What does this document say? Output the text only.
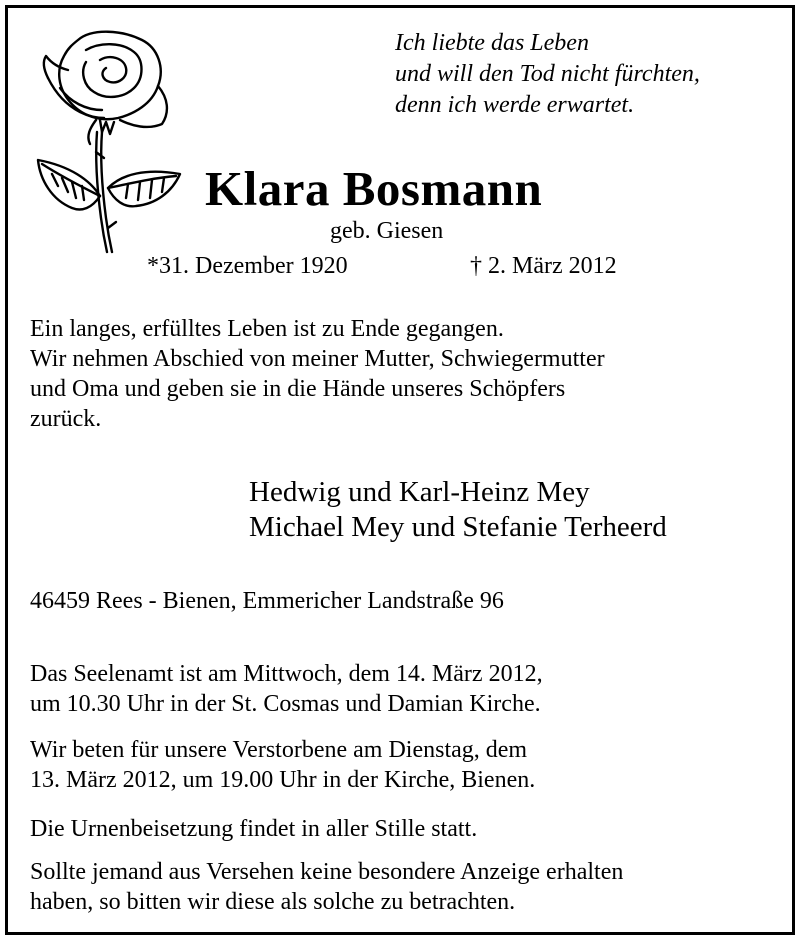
Ich liebte das Leben
und will den Tod nicht fürchten,
denn ich werde erwartet.
Klara Bosmann
geb. Giesen
*31. Dezember 1920	† 2. März 2012
Ein langes, erfülltes Leben ist zu Ende gegangen.
Wir nehmen Abschied von meiner Mutter, Schwiegermutter
und Oma und geben sie in die Hände unseres Schöpfers
zurück.
Hedwig und Karl-Heinz Mey
Michael Mey und Stefanie Terheerd
46459 Rees - Bienen, Emmericher Landstraße 96
Das Seelenamt ist am Mittwoch, dem 14. März 2012,
um 10.30 Uhr in der St. Cosmas und Damian Kirche.
Wir beten für unsere Verstorbene am Dienstag, dem
13. März 2012, um 19.00 Uhr in der Kirche, Bienen.
Die Urnenbeisetzung findet in aller Stille statt.
Sollte jemand aus Versehen keine besondere Anzeige erhalten
haben, so bitten wir diese als solche zu betrachten.
